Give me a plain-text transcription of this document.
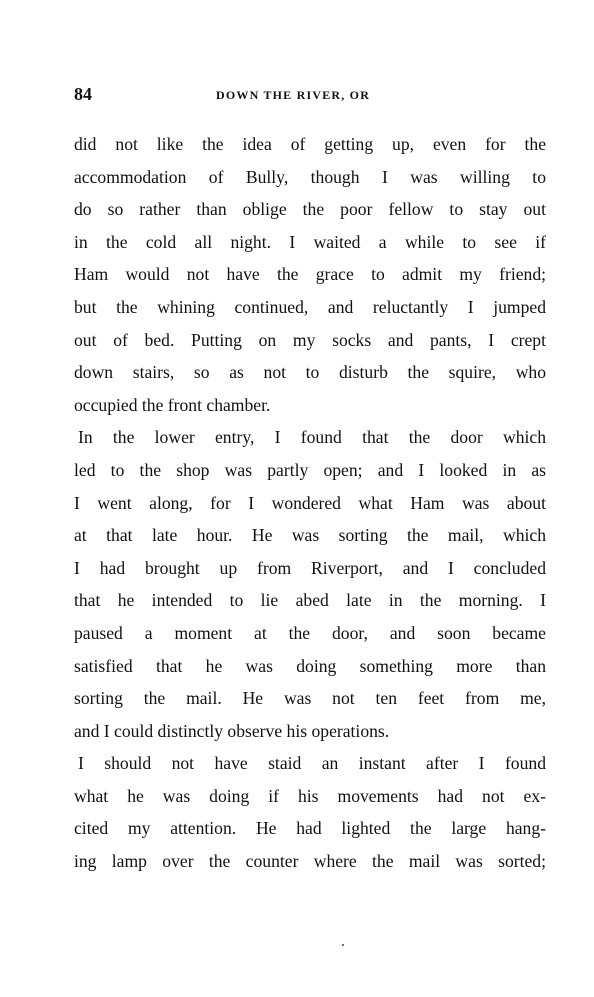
84	DOWN THE RIVER, OR
did not like the idea of getting up, even for the
accommodation of Bully, though I was willing to
do so rather than oblige the poor fellow to stay out
in the cold all night. I waited a while to see if
Ham would not have the grace to admit my friend;
but the whining continued, and reluctantly I jumped
out of bed. Putting on my socks and pants, I crept
down stairs, so as not to disturb the squire, who
occupied the front chamber.
In the lower entry, I found that the door which
led to the shop was partly open; and I looked in as
I went along, for I wondered what Ham was about
at that late hour. He was sorting the mail, which
I had brought up from Riverport, and I concluded
that he intended to lie abed late in the morning. I
paused a moment at the door, and soon became
satisfied that he was doing something more than
sorting the mail. He was not ten feet from me,
and I could distinctly observe his operations.
I should not have staid an instant after I found
what he was doing if his movements had not ex-
cited my attention. He had lighted the large hang-
ing lamp over the counter where the mail was sorted;
